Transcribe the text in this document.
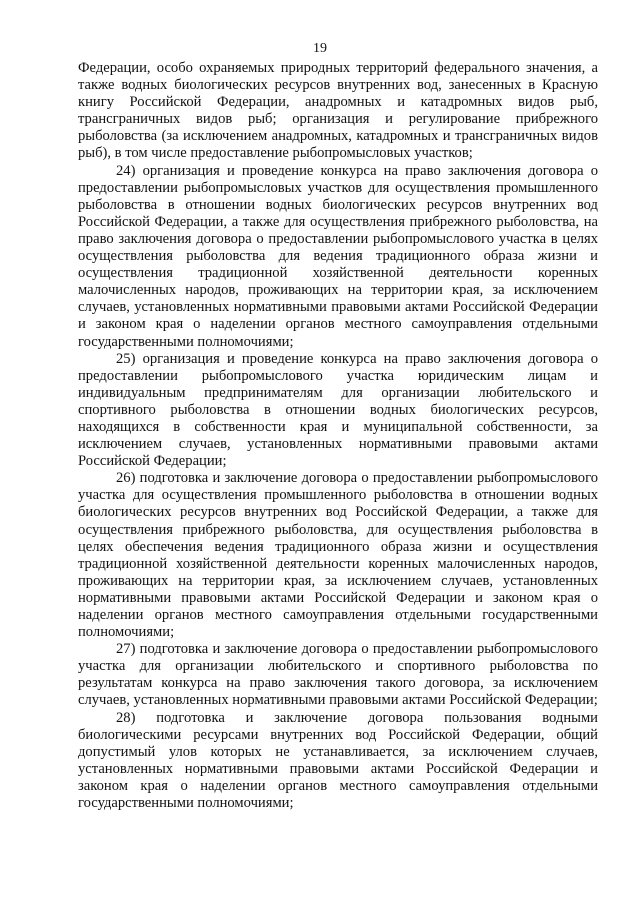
19

Федерации, особо охраняемых природных территорий федерального значения, а также водных биологических ресурсов внутренних вод, занесенных в Красную книгу Российской Федерации, анадромных и катадромных видов рыб, трансграничных видов рыб; организация и регулирование прибрежного рыболовства (за исключением анадромных, катадромных и трансграничных видов рыб), в том числе предоставление рыбопромысловых участков;

24) организация и проведение конкурса на право заключения договора о предоставлении рыбопромысловых участков для осуществления промышленного рыболовства в отношении водных биологических ресурсов внутренних вод Российской Федерации, а также для осуществления прибрежного рыболовства, на право заключения договора о предоставлении рыбопромыслового участка в целях осуществления рыболовства для ведения традиционного образа жизни и осуществления традиционной хозяйственной деятельности коренных малочисленных народов, проживающих на территории края, за исключением случаев, установленных нормативными правовыми актами Российской Федерации и законом края о наделении органов местного самоуправления отдельными государственными полномочиями;

25) организация и проведение конкурса на право заключения договора о предоставлении рыбопромыслового участка юридическим лицам и индивидуальным предпринимателям для организации любительского и спортивного рыболовства в отношении водных биологических ресурсов, находящихся в собственности края и муниципальной собственности, за исключением случаев, установленных нормативными правовыми актами Российской Федерации;

26) подготовка и заключение договора о предоставлении рыбопромыслового участка для осуществления промышленного рыболовства в отношении водных биологических ресурсов внутренних вод Российской Федерации, а также для осуществления прибрежного рыболовства, для осуществления рыболовства в целях обеспечения ведения традиционного образа жизни и осуществления традиционной хозяйственной деятельности коренных малочисленных народов, проживающих на территории края, за исключением случаев, установленных нормативными правовыми актами Российской Федерации и законом края о наделении органов местного самоуправления отдельными государственными полномочиями;

27) подготовка и заключение договора о предоставлении рыбопромыслового участка для организации любительского и спортивного рыболовства по результатам конкурса на право заключения такого договора, за исключением случаев, установленных нормативными правовыми актами Российской Федерации;

28) подготовка и заключение договора пользования водными биологическими ресурсами внутренних вод Российской Федерации, общий допустимый улов которых не устанавливается, за исключением случаев, установленных нормативными правовыми актами Российской Федерации и законом края о наделении органов местного самоуправления отдельными государственными полномочиями;
